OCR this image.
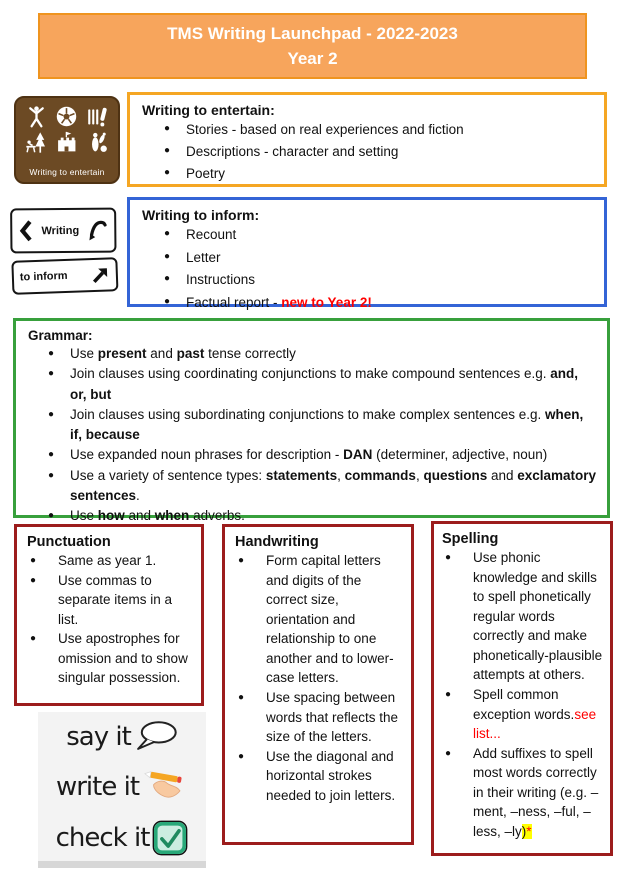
TMS Writing Launchpad - 2022-2023
Year 2
Writing to entertain
Writing
to inform
Writing to entertain:
● Stories - based on real experiences and fiction
● Descriptions - character and setting
● Poetry
Writing to inform:
● Recount
● Letter
● Instructions
● Factual report - new to Year 2!
Grammar:
● Use present and past tense correctly
● Join clauses using coordinating conjunctions to make compound sentences e.g. and, or, but
● Join clauses using subordinating conjunctions to make complex sentences e.g. when, if, because
● Use expanded noun phrases for description - DAN (determiner, adjective, noun)
● Use a variety of sentence types: statements, commands, questions and exclamatory sentences.
● Use how and when adverbs.
Punctuation
● Same as year 1.
● Use commas to separate items in a list.
● Use apostrophes for omission and to show singular possession.
Handwriting
● Form capital letters and digits of the correct size, orientation and relationship to one another and to lower-case letters.
● Use spacing between words that reflects the size of the letters.
● Use the diagonal and horizontal strokes needed to join letters.
Spelling
● Use phonic knowledge and skills to spell phonetically regular words correctly and make phonetically-plausible attempts at others.
● Spell common exception words.see list...
● Add suffixes to spell most words correctly in their writing (e.g. –ment, –ness, –ful, –less, –ly)*
say it
write it
check it
